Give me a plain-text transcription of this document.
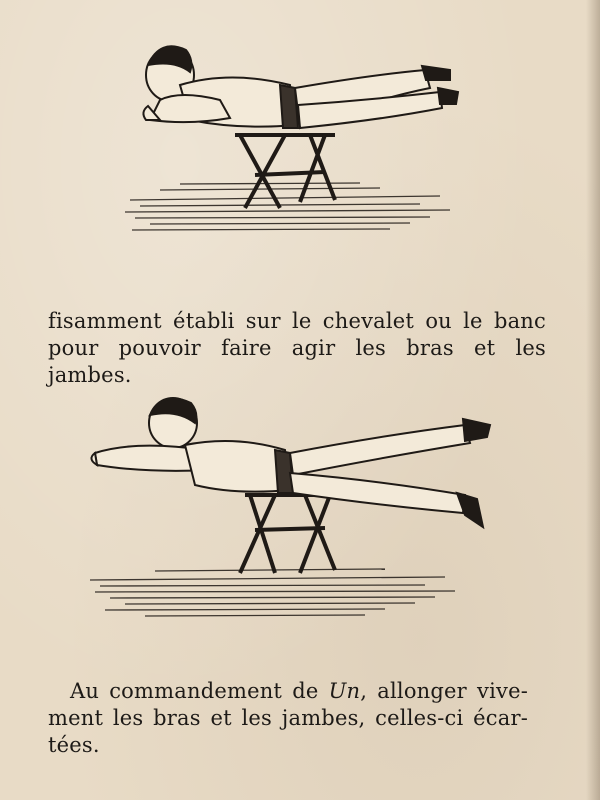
fisamment établi sur le chevalet ou le banc
pour pouvoir faire agir les bras et les
jambes.
Au commandement de Un, allonger vive-
ment les bras et les jambes, celles-ci écar-
tées.
